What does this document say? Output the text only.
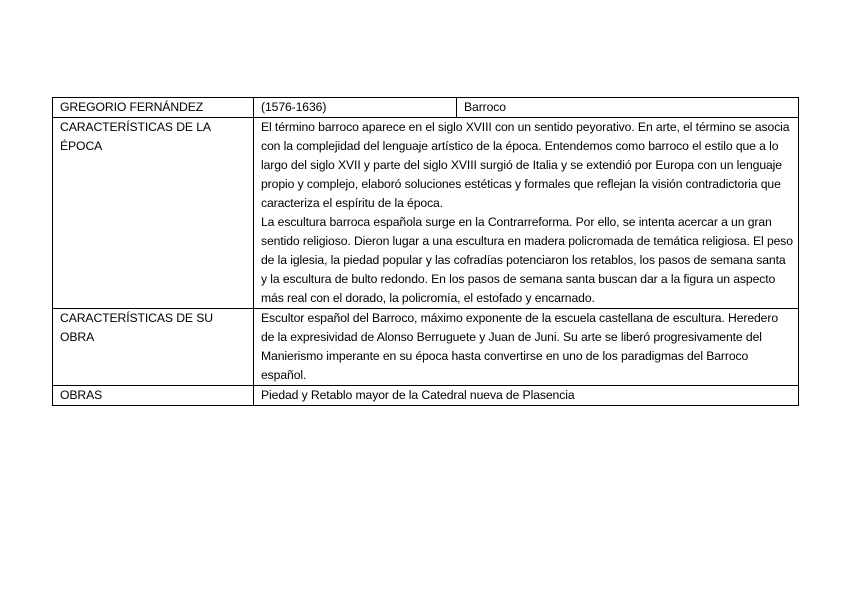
GREGORIO FERNÁNDEZ	(1576-1636)	Barroco
CARACTERÍSTICAS DE LA ÉPOCA	El término barroco aparece en el siglo XVIII con un sentido peyorativo. En arte, el término se asocia con la complejidad del lenguaje artístico de la época. Entendemos como barroco el estilo que a lo largo del siglo XVII y parte del siglo XVIII surgió de Italia y se extendió por Europa con un lenguaje propio y complejo, elaboró soluciones estéticas y formales que reflejan la visión contradictoria que caracteriza el espíritu de la época.
La escultura barroca española surge en la Contrarreforma. Por ello, se intenta acercar a un gran sentido religioso. Dieron lugar a una escultura en madera policromada de temática religiosa. El peso de la iglesia, la piedad popular y las cofradías potenciaron los retablos, los pasos de semana santa y la escultura de bulto redondo. En los pasos de semana santa buscan dar a la figura un aspecto más real con el dorado, la policromía, el estofado y encarnado.	

CARACTERÍSTICAS DE SU OBRA	Escultor español del Barroco, máximo exponente de la escuela castellana de escultura. Heredero de la expresividad de Alonso Berruguete y Juan de Juni. Su arte se liberó progresivamente del Manierismo imperante en su época hasta convertirse en uno de los paradigmas del Barroco español.	

OBRAS	Piedad y Retablo mayor de la Catedral nueva de Plasencia	
